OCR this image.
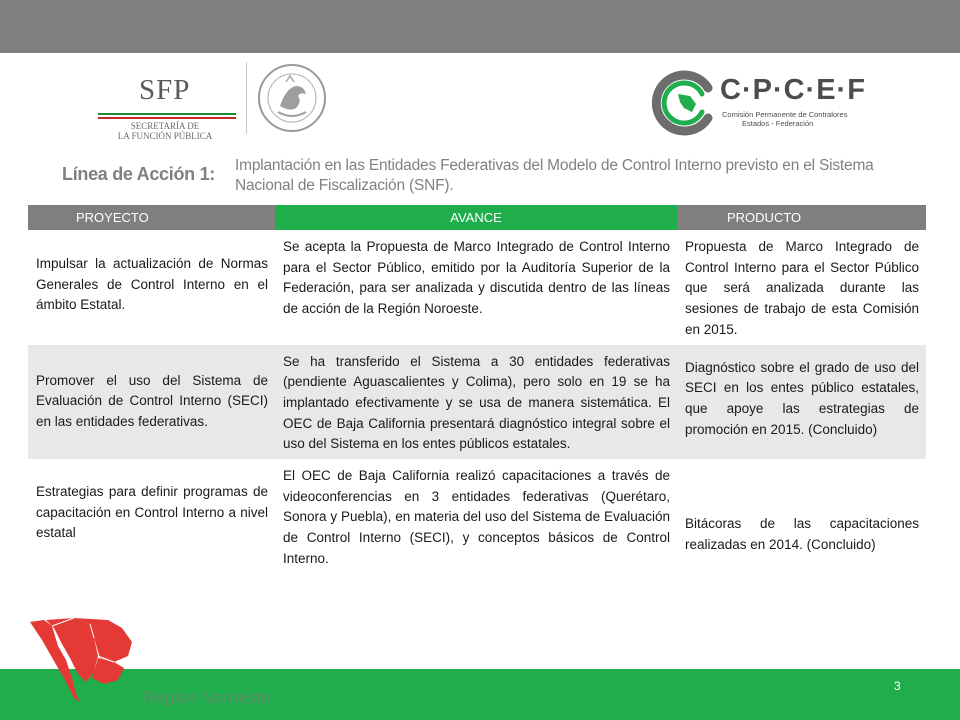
SFP
SECRETARÍA DE
LA FUNCIÓN PÚBLICA
C·P·C·E·F
Comisión Permanente de Contralores
Estados - Federación
Línea de Acción 1: Implantación en las Entidades Federativas del Modelo de Control Interno previsto en el Sistema Nacional de Fiscalización (SNF).
PROYECTO	AVANCE	PRODUCTO
Impulsar la actualización de Normas Generales de Control Interno en el ámbito Estatal.	Se acepta la Propuesta de Marco Integrado de Control Interno para el Sector Público, emitido por la Auditoría Superior de la Federación, para ser analizada y discutida dentro de las líneas de acción de la Región Noroeste.	Propuesta de Marco Integrado de Control Interno para el Sector Público que será analizada durante las sesiones de trabajo de esta Comisión en 2015.
Promover el uso del Sistema de Evaluación de Control Interno (SECI) en las entidades federativas.	Se ha transferido el Sistema a 30 entidades federativas (pendiente Aguascalientes y Colima), pero solo en 19 se ha implantado efectivamente y se usa de manera sistemática. El OEC de Baja California presentará diagnóstico integral sobre el uso del Sistema en los entes públicos estatales.	Diagnóstico sobre el grado de uso del SECI en los entes público estatales, que apoye las estrategias de promoción en 2015. (Concluido)
Estrategias para definir programas de capacitación en Control Interno a nivel estatal	El OEC de Baja California realizó capacitaciones a través de videoconferencias en 3 entidades federativas (Querétaro, Sonora y Puebla), en materia del uso del Sistema de Evaluación de Control Interno (SECI), y conceptos básicos de Control Interno.	Bitácoras de las capacitaciones realizadas en 2014. (Concluido)
Región Noroeste
3
